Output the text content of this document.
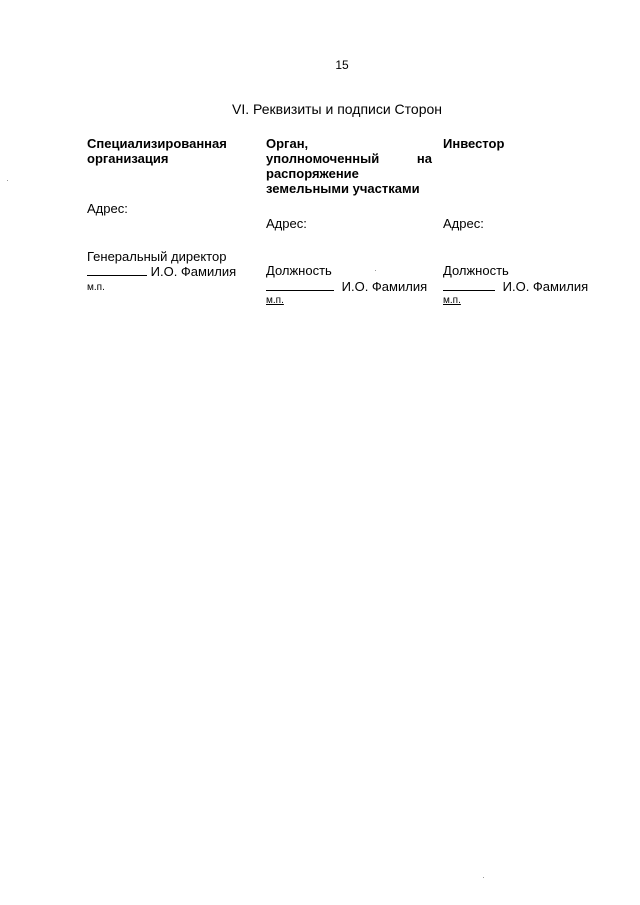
15
VI. Реквизиты и подписи Сторон
Специализированная
организация
Адрес:
Генеральный директор
И.О. Фамилия
м.п.
Орган,
уполномоченный на
распоряжение
земельными участками
Адрес:
Должность
И.О. Фамилия
м.п.
Инвестор
Адрес:
Должность
И.О. Фамилия
м.п.
